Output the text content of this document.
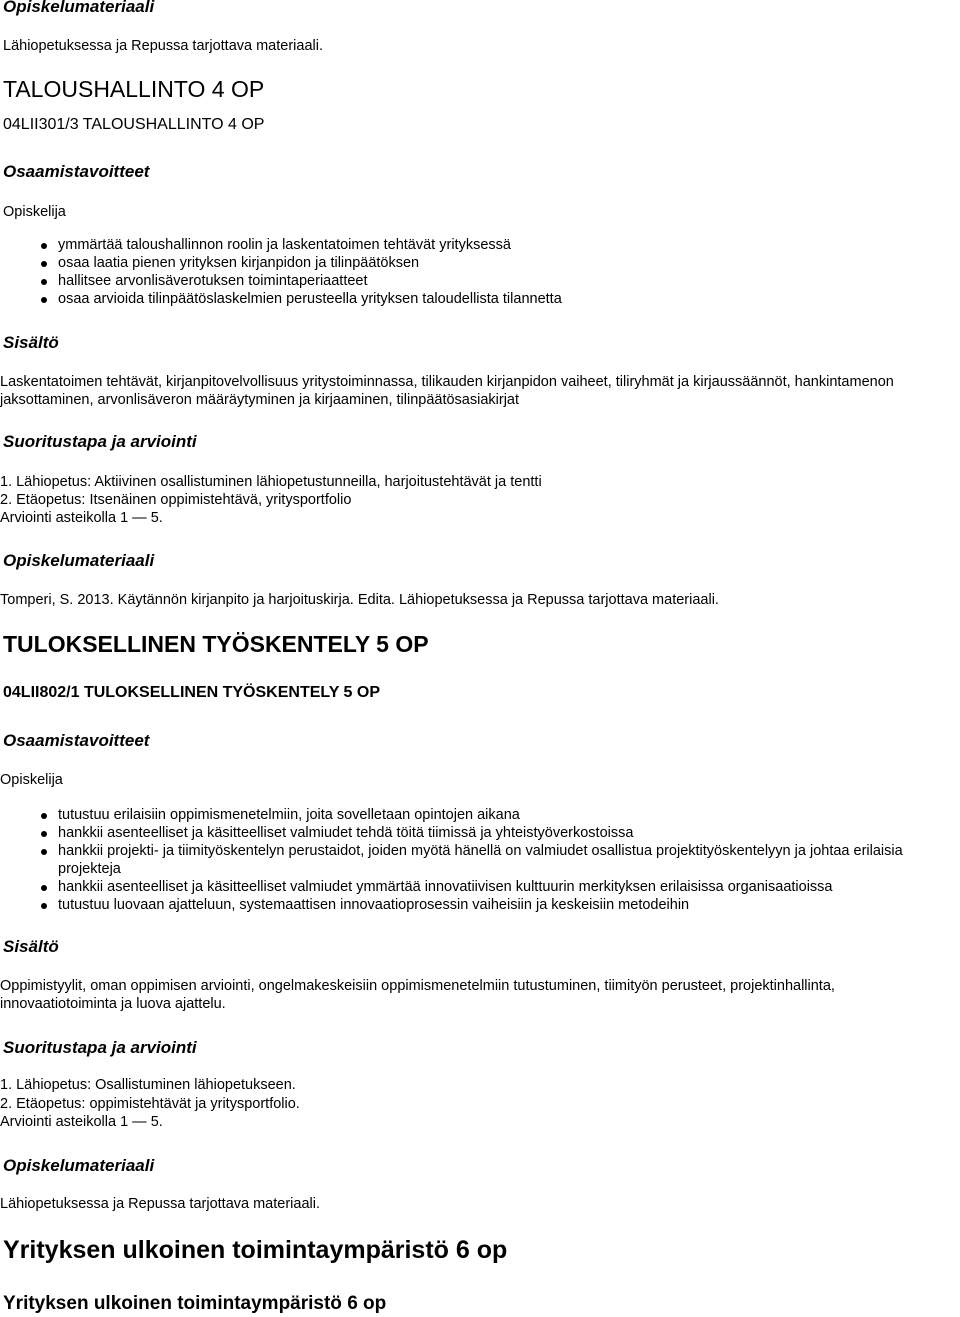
Opiskelumateriaali
Lähiopetuksessa ja Repussa tarjottava materiaali.
TALOUSHALLINTO 4 OP
04LII301/3 TALOUSHALLINTO 4 OP
Osaamistavoitteet
Opiskelija
ymmärtää taloushallinnon roolin ja laskentatoimen tehtävät yrityksessä
osaa laatia pienen yrityksen kirjanpidon ja tilinpäätöksen
hallitsee arvonlisäverotuksen toimintaperiaatteet
osaa arvioida tilinpäätöslaskelmien perusteella yrityksen taloudellista tilannetta
Sisältö
Laskentatoimen tehtävät, kirjanpitovelvollisuus yritystoiminnassa, tilikauden kirjanpidon vaiheet, tiliryhmät ja kirjaussäännöt, hankintamenon
jaksottaminen, arvonlisäveron määräytyminen ja kirjaaminen, tilinpäätösasiakirjat
Suoritustapa ja arviointi
1. Lähiopetus: Aktiivinen osallistuminen lähiopetustunneilla, harjoitustehtävät ja tentti
2. Etäopetus: Itsenäinen oppimistehtävä, yritysportfolio
Arviointi asteikolla 1 — 5.
Opiskelumateriaali
Tomperi, S. 2013. Käytännön kirjanpito ja harjoituskirja. Edita. Lähiopetuksessa ja Repussa tarjottava materiaali.
TULOKSELLINEN TYÖSKENTELY 5 OP
04LII802/1 TULOKSELLINEN TYÖSKENTELY 5 OP
Osaamistavoitteet
Opiskelija
tutustuu erilaisiin oppimismenetelmiin, joita sovelletaan opintojen aikana
hankkii asenteelliset ja käsitteelliset valmiudet tehdä töitä tiimissä ja yhteistyöverkostoissa
hankkii projekti- ja tiimityöskentelyn perustaidot, joiden myötä hänellä on valmiudet osallistua projektityöskentelyyn ja johtaa erilaisia
projekteja
hankkii asenteelliset ja käsitteelliset valmiudet ymmärtää innovatiivisen kulttuurin merkityksen erilaisissa organisaatioissa
tutustuu luovaan ajatteluun, systemaattisen innovaatioprosessin vaiheisiin ja keskeisiin metodeihin
Sisältö
Oppimistyylit, oman oppimisen arviointi, ongelmakeskeisiin oppimismenetelmiin tutustuminen, tiimityön perusteet, projektinhallinta,
innovaatiotoiminta ja luova ajattelu.
Suoritustapa ja arviointi
1. Lähiopetus: Osallistuminen lähiopetukseen.
2. Etäopetus: oppimistehtävät ja yritysportfolio.
Arviointi asteikolla 1 — 5.
Opiskelumateriaali
Lähiopetuksessa ja Repussa tarjottava materiaali.
Yrityksen ulkoinen toimintaympäristö 6 op
Yrityksen ulkoinen toimintaympäristö 6 op
